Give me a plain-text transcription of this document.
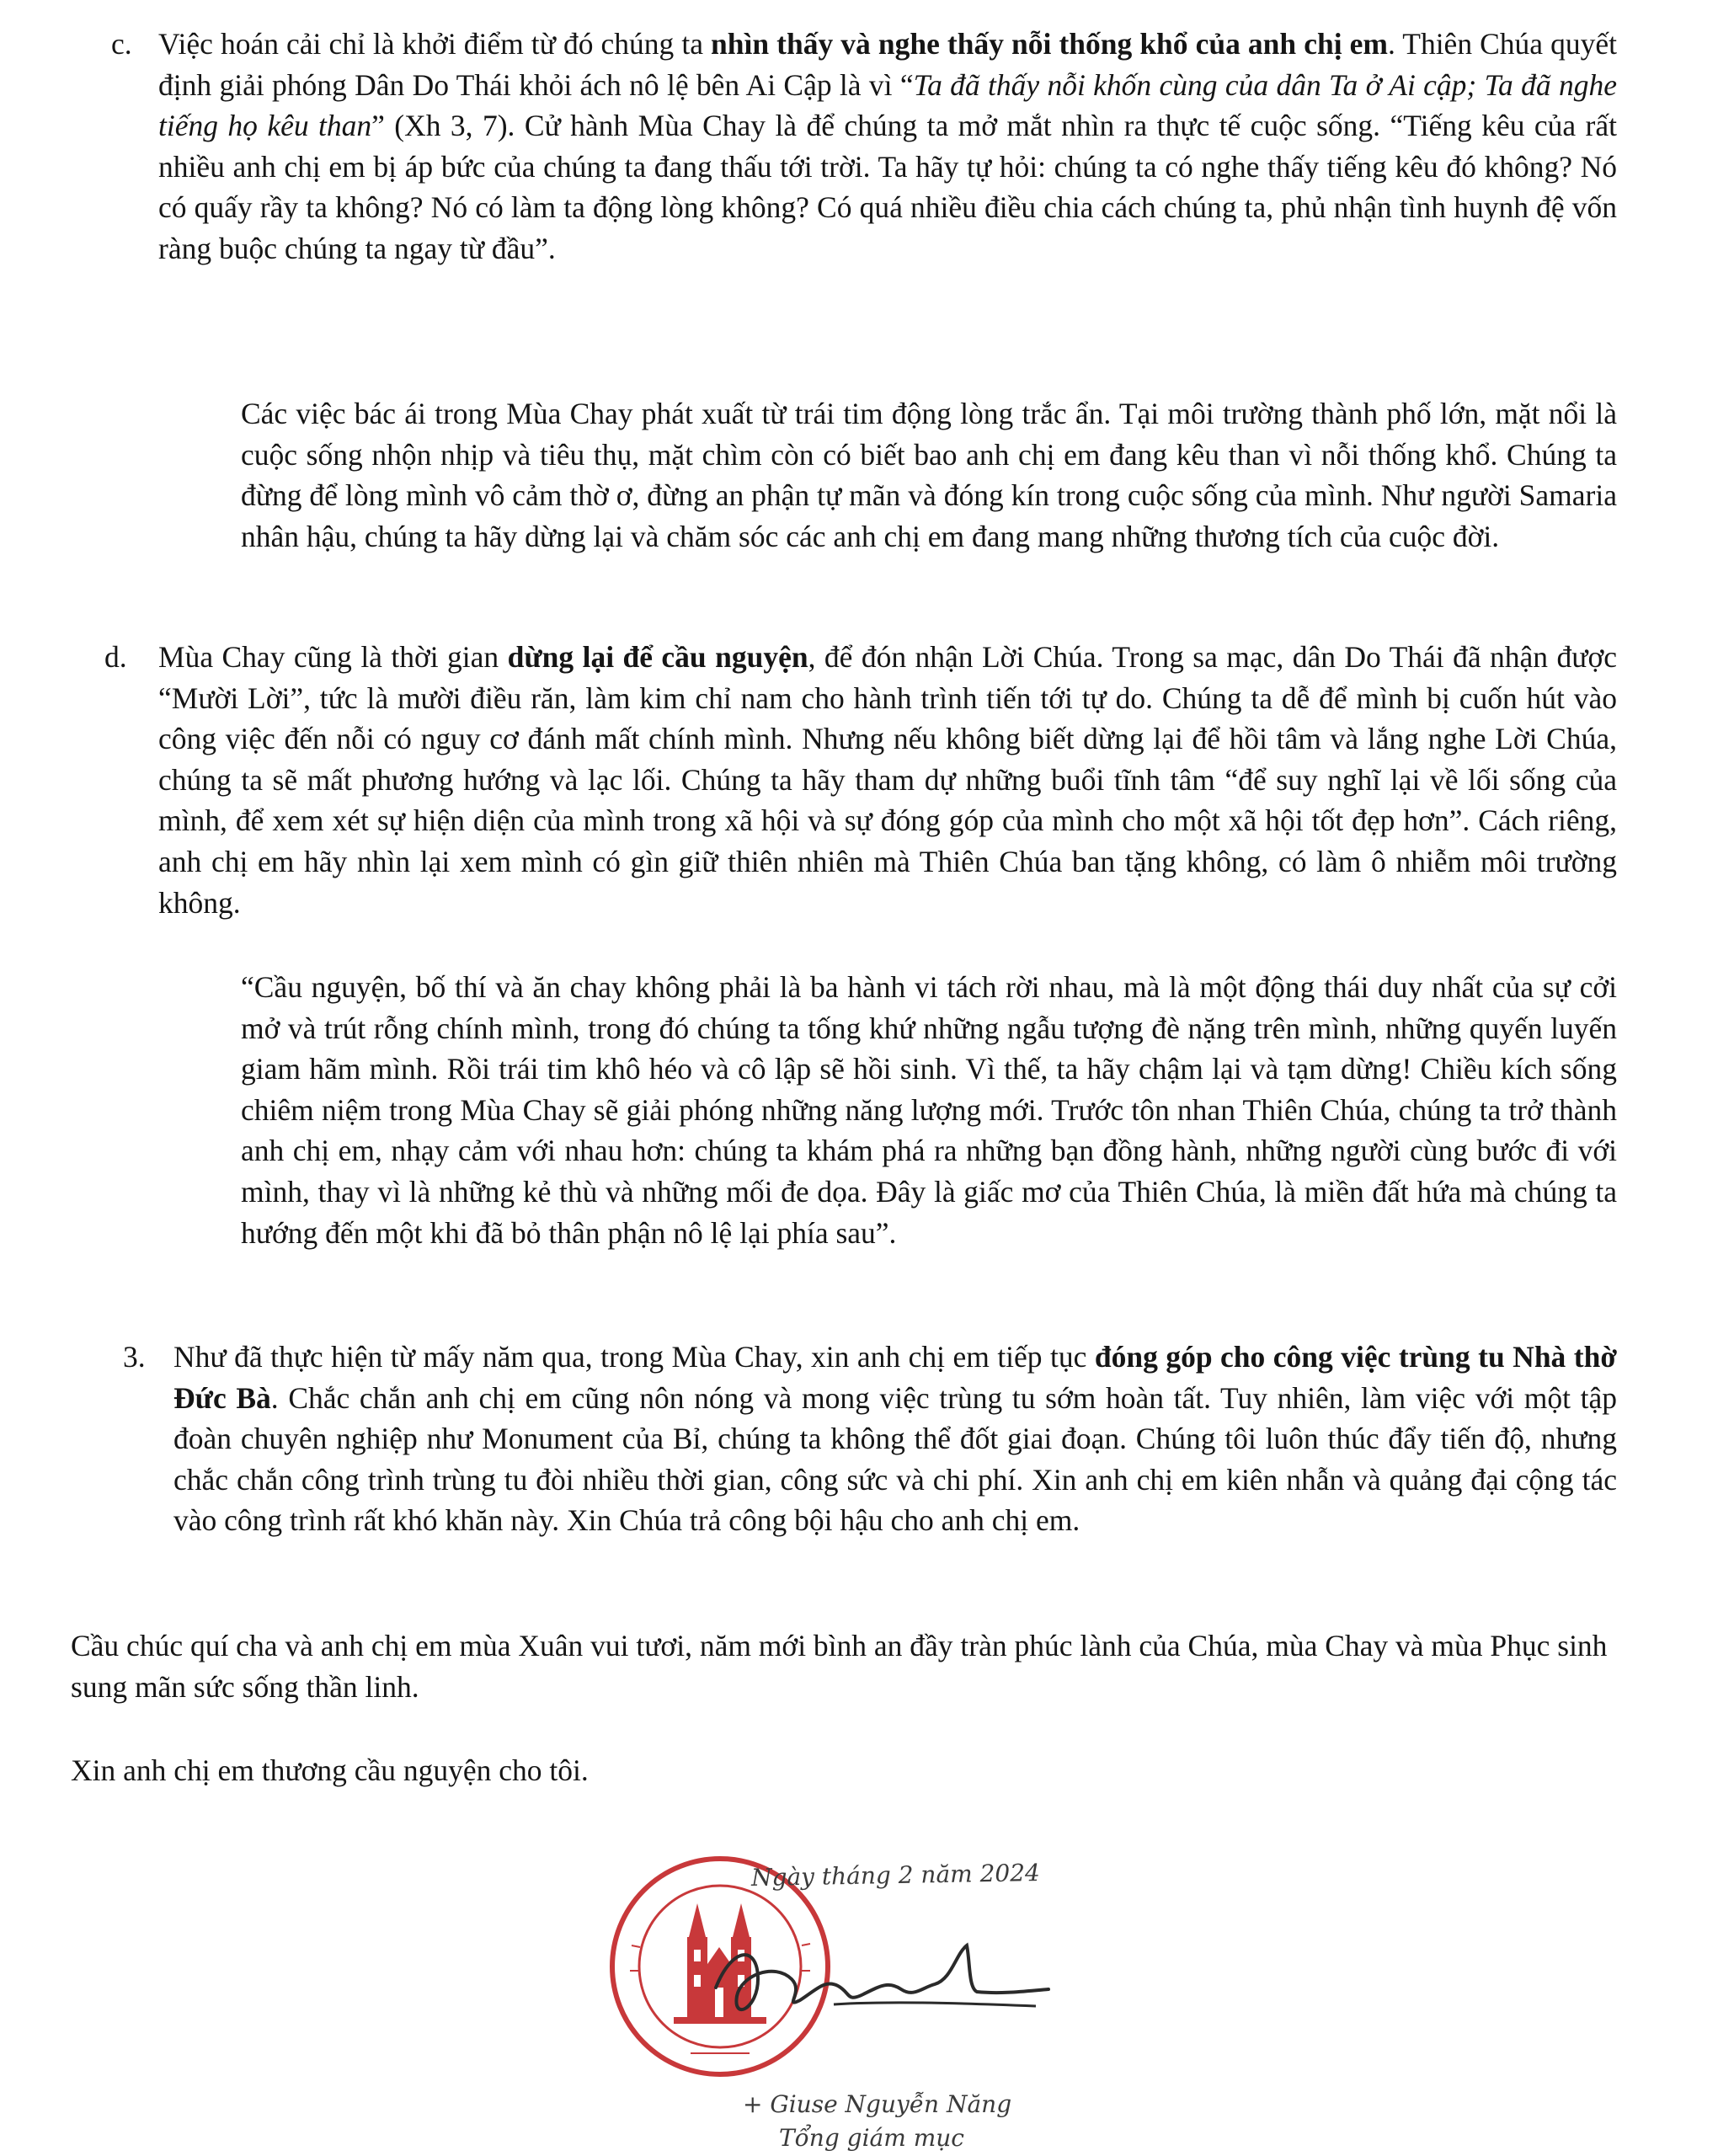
c. Việc hoán cải chỉ là khởi điểm từ đó chúng ta nhìn thấy và nghe thấy nỗi thống khổ của anh chị em. Thiên Chúa quyết định giải phóng Dân Do Thái khỏi ách nô lệ bên Ai Cập là vì “Ta đã thấy nỗi khốn cùng của dân Ta ở Ai cập; Ta đã nghe tiếng họ kêu than” (Xh 3, 7). Cử hành Mùa Chay là để chúng ta mở mắt nhìn ra thực tế cuộc sống. “Tiếng kêu của rất nhiều anh chị em bị áp bức của chúng ta đang thấu tới trời. Ta hãy tự hỏi: chúng ta có nghe thấy tiếng kêu đó không? Nó có quấy rầy ta không? Nó có làm ta động lòng không? Có quá nhiều điều chia cách chúng ta, phủ nhận tình huynh đệ vốn ràng buộc chúng ta ngay từ đầu”.
Các việc bác ái trong Mùa Chay phát xuất từ trái tim động lòng trắc ẩn. Tại môi trường thành phố lớn, mặt nổi là cuộc sống nhộn nhịp và tiêu thụ, mặt chìm còn có biết bao anh chị em đang kêu than vì nỗi thống khổ. Chúng ta đừng để lòng mình vô cảm thờ ơ, đừng an phận tự mãn và đóng kín trong cuộc sống của mình. Như người Samaria nhân hậu, chúng ta hãy dừng lại và chăm sóc các anh chị em đang mang những thương tích của cuộc đời.
d. Mùa Chay cũng là thời gian dừng lại để cầu nguyện, để đón nhận Lời Chúa. Trong sa mạc, dân Do Thái đã nhận được “Mười Lời”, tức là mười điều răn, làm kim chỉ nam cho hành trình tiến tới tự do. Chúng ta dễ để mình bị cuốn hút vào công việc đến nỗi có nguy cơ đánh mất chính mình. Nhưng nếu không biết dừng lại để hồi tâm và lắng nghe Lời Chúa, chúng ta sẽ mất phương hướng và lạc lối. Chúng ta hãy tham dự những buổi tĩnh tâm “để suy nghĩ lại về lối sống của mình, để xem xét sự hiện diện của mình trong xã hội và sự đóng góp của mình cho một xã hội tốt đẹp hơn”. Cách riêng, anh chị em hãy nhìn lại xem mình có gìn giữ thiên nhiên mà Thiên Chúa ban tặng không, có làm ô nhiễm môi trường không.
“Cầu nguyện, bố thí và ăn chay không phải là ba hành vi tách rời nhau, mà là một động thái duy nhất của sự cởi mở và trút rỗng chính mình, trong đó chúng ta tống khứ những ngẫu tượng đè nặng trên mình, những quyến luyến giam hãm mình. Rồi trái tim khô héo và cô lập sẽ hồi sinh. Vì thế, ta hãy chậm lại và tạm dừng! Chiều kích sống chiêm niệm trong Mùa Chay sẽ giải phóng những năng lượng mới. Trước tôn nhan Thiên Chúa, chúng ta trở thành anh chị em, nhạy cảm với nhau hơn: chúng ta khám phá ra những bạn đồng hành, những người cùng bước đi với mình, thay vì là những kẻ thù và những mối đe dọa. Đây là giấc mơ của Thiên Chúa, là miền đất hứa mà chúng ta hướng đến một khi đã bỏ thân phận nô lệ lại phía sau”.
3. Như đã thực hiện từ mấy năm qua, trong Mùa Chay, xin anh chị em tiếp tục đóng góp cho công việc trùng tu Nhà thờ Đức Bà. Chắc chắn anh chị em cũng nôn nóng và mong việc trùng tu sớm hoàn tất. Tuy nhiên, làm việc với một tập đoàn chuyên nghiệp như Monument của Bỉ, chúng ta không thể đốt giai đoạn. Chúng tôi luôn thúc đẩy tiến độ, nhưng chắc chắn công trình trùng tu đòi nhiều thời gian, công sức và chi phí. Xin anh chị em kiên nhẫn và quảng đại cộng tác vào công trình rất khó khăn này. Xin Chúa trả công bội hậu cho anh chị em.
Cầu chúc quí cha và anh chị em mùa Xuân vui tươi, năm mới bình an đầy tràn phúc lành của Chúa, mùa Chay và mùa Phục sinh sung mãn sức sống thần linh.
Xin anh chị em thương cầu nguyện cho tôi.
Ngày tháng 2 năm 2024
+ Giuse Nguyễn Năng
Tổng giám mục
